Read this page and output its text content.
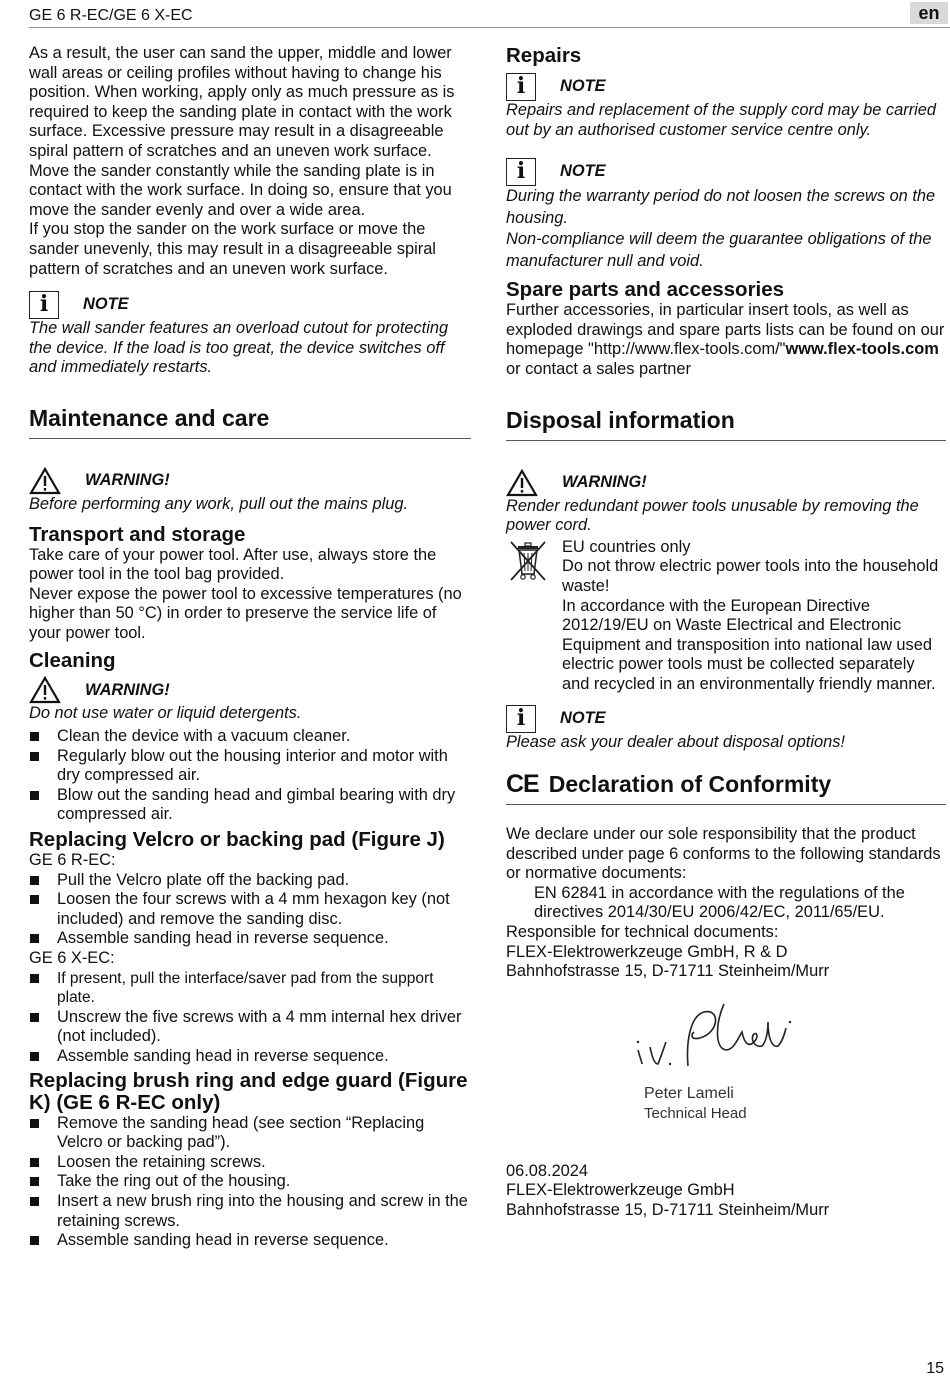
GE 6 R-EC/GE 6 X-EC	en

As a result, the user can sand the upper, middle and lower wall areas or ceiling profiles without having to change his position. When working, apply only as much pressure as is required to keep the sanding plate in contact with the work surface. Excessive pressure may result in a disagreeable spiral pattern of scratches and an uneven work surface.

Move the sander constantly while the sanding plate is in contact with the work surface. In doing so, ensure that you move the sander evenly and over a wide area.

If you stop the sander on the work surface or move the sander unevenly, this may result in a disagreeable spiral pattern of scratches and an uneven work surface.

i	NOTE

The wall sander features an overload cutout for protecting the device. If the load is too great, the device switches off and immediately restarts.

Maintenance and care
WARNING!

Before performing any work, pull out the mains plug.

Transport and storage

Take care of your power tool. After use, always store the power tool in the tool bag provided.

Never expose the power tool to excessive temperatures (no higher than 50 °C) in order to preserve the service life of your power tool.

Cleaning
WARNING!

Do not use water or liquid detergents.

Clean the device with a vacuum cleaner.
Regularly blow out the housing interior and motor with dry compressed air.
Blow out the sanding head and gimbal bearing with dry compressed air.
Replacing Velcro or backing pad (Figure J)

GE 6 R-EC:

Pull the Velcro plate off the backing pad.
Loosen the four screws with a 4 mm hexagon key (not included) and remove the sanding disc.
Assemble sanding head in reverse sequence.

GE 6 X-EC:

If present, pull the interface/saver pad from the support plate.
Unscrew the five screws with a 4 mm internal hex driver (not included).
Assemble sanding head in reverse sequence.
Replacing brush ring and edge guard (Figure K) (GE 6 R-EC only)
Remove the sanding head (see section “Replacing Velcro or backing pad”).
Loosen the retaining screws.
Take the ring out of the housing.
Insert a new brush ring into the housing and screw in the retaining screws.
Assemble sanding head in reverse sequence.
Repairs
i	NOTE

Repairs and replacement of the supply cord may be carried out by an authorised customer service centre only.

i	NOTE

During the warranty period do not loosen the screws on the housing.

Non-compliance will deem the guarantee obligations of the manufacturer null and void.

Spare parts and accessories

Further accessories, in particular insert tools, as well as exploded drawings and spare parts lists can be found on our homepage "http://www.flex-tools.com/"www.flex-tools.com or contact a sales partner

Disposal information
WARNING!

Render redundant power tools unusable by removing the power cord.

EU countries only

Do not throw electric power tools into the household waste!

In accordance with the European Directive 2012/19/EU on Waste Electrical and Electronic Equipment and transposition into national law used electric power tools must be collected separately and recycled in an environmentally friendly manner.

i	NOTE

Please ask your dealer about disposal options!

CE Declaration of Conformity

We declare under our sole responsibility that the product described under page 6 conforms to the following standards or normative documents:

EN 62841 in accordance with the regulations of the directives 2014/30/EU 2006/42/EC, 2011/65/EU.

Responsible for technical documents:

FLEX-Elektrowerkzeuge GmbH, R & D

Bahnhofstrasse 15, D-71711 Steinheim/Murr

Peter Lameli
Technical Head

06.08.2024

FLEX-Elektrowerkzeuge GmbH

Bahnhofstrasse 15, D-71711 Steinheim/Murr

15
